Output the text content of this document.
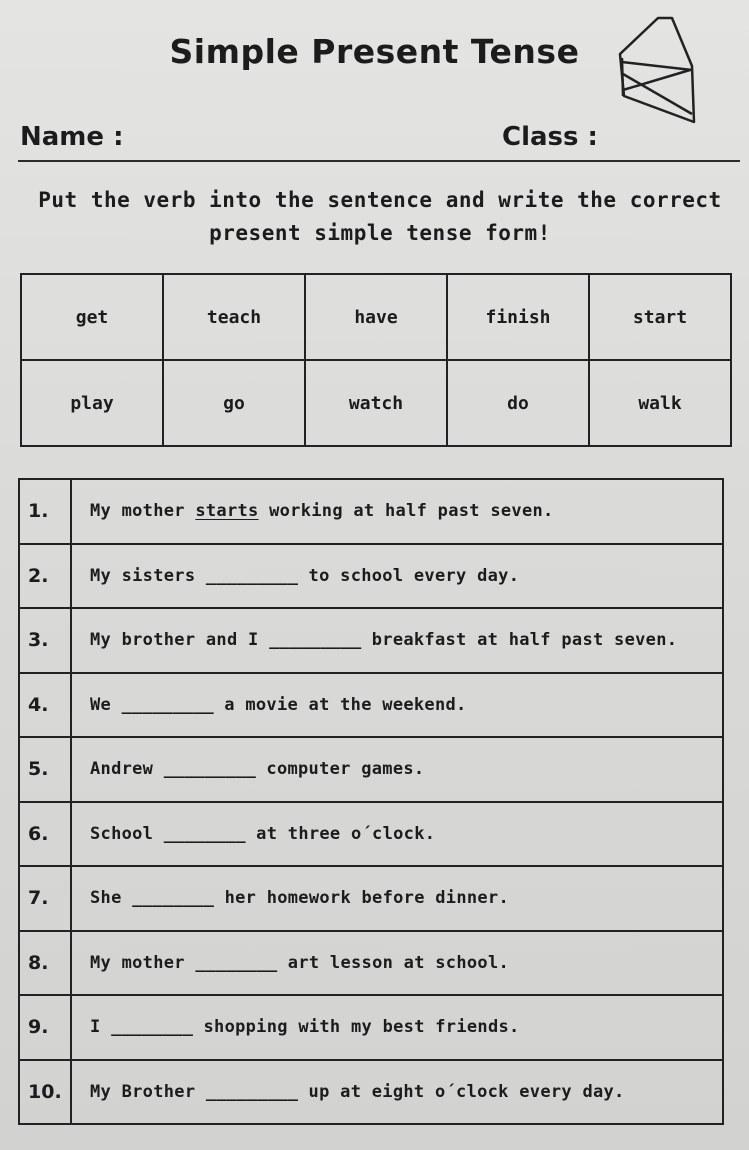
Simple Present Tense
Name :	Class :
Put the verb into the sentence and write the correct
present simple tense form!
get	teach	have	finish	start
play	go	watch	do	walk
1.	My mother starts working at half past seven.
2.	My sisters _________ to school every day.
3.	My brother and I _________ breakfast at half past seven.
4.	We _________ a movie at the weekend.
5.	Andrew _________ computer games.
6.	School ________ at three o´clock.
7.	She ________ her homework before dinner.
8.	My mother ________ art lesson at school.
9.	I ________ shopping with my best friends.
10.	My Brother _________ up at eight o´clock every day.
